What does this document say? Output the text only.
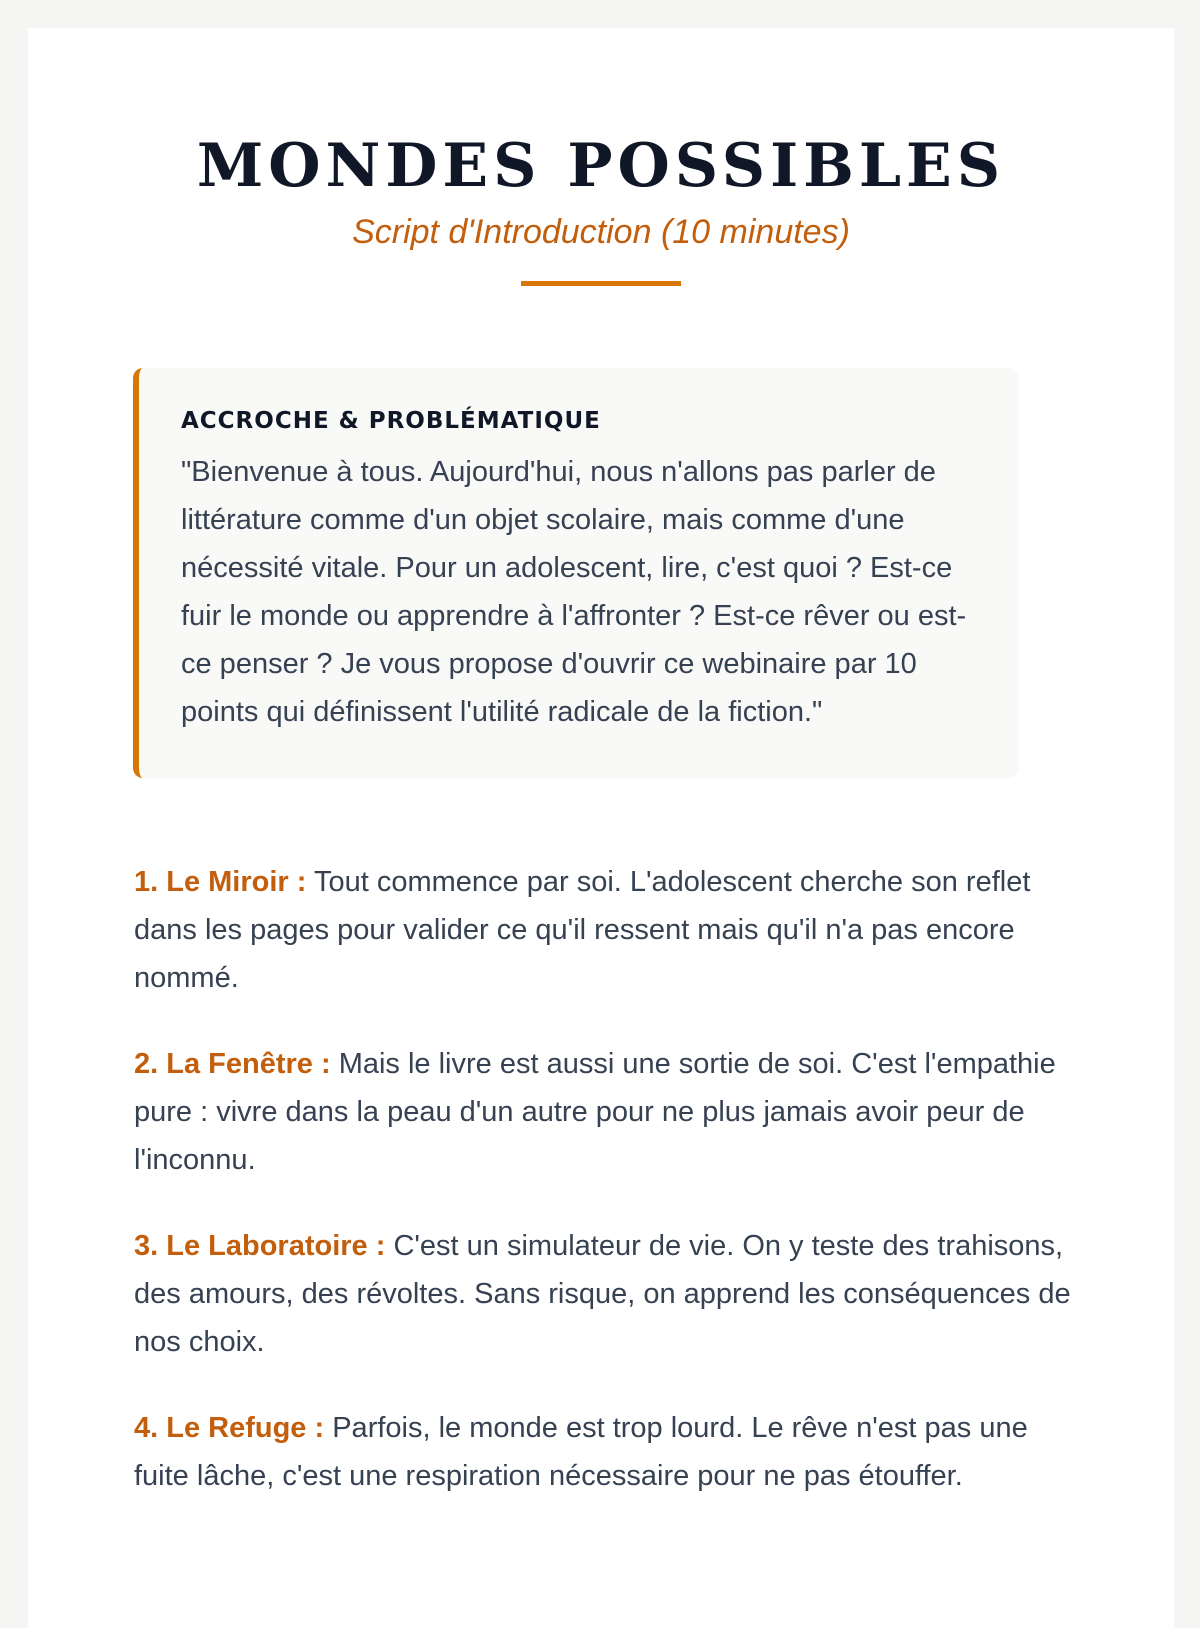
MONDES POSSIBLES

Script d'Introduction (10 minutes)

ACCROCHE & PROBLÉMATIQUE

"Bienvenue à tous. Aujourd'hui, nous n'allons pas parler de littérature comme d'un objet scolaire, mais comme d'une nécessité vitale. Pour un adolescent, lire, c'est quoi ? Est-ce fuir le monde ou apprendre à l'affronter ? Est-ce rêver ou est-ce penser ? Je vous propose d'ouvrir ce webinaire par 10 points qui définissent l'utilité radicale de la fiction."

1. Le Miroir : Tout commence par soi. L'adolescent cherche son reflet dans les pages pour valider ce qu'il ressent mais qu'il n'a pas encore nommé.

2. La Fenêtre : Mais le livre est aussi une sortie de soi. C'est l'empathie pure : vivre dans la peau d'un autre pour ne plus jamais avoir peur de l'inconnu.

3. Le Laboratoire : C'est un simulateur de vie. On y teste des trahisons, des amours, des révoltes. Sans risque, on apprend les conséquences de nos choix.

4. Le Refuge : Parfois, le monde est trop lourd. Le rêve n'est pas une fuite lâche, c'est une respiration nécessaire pour ne pas étouffer.
